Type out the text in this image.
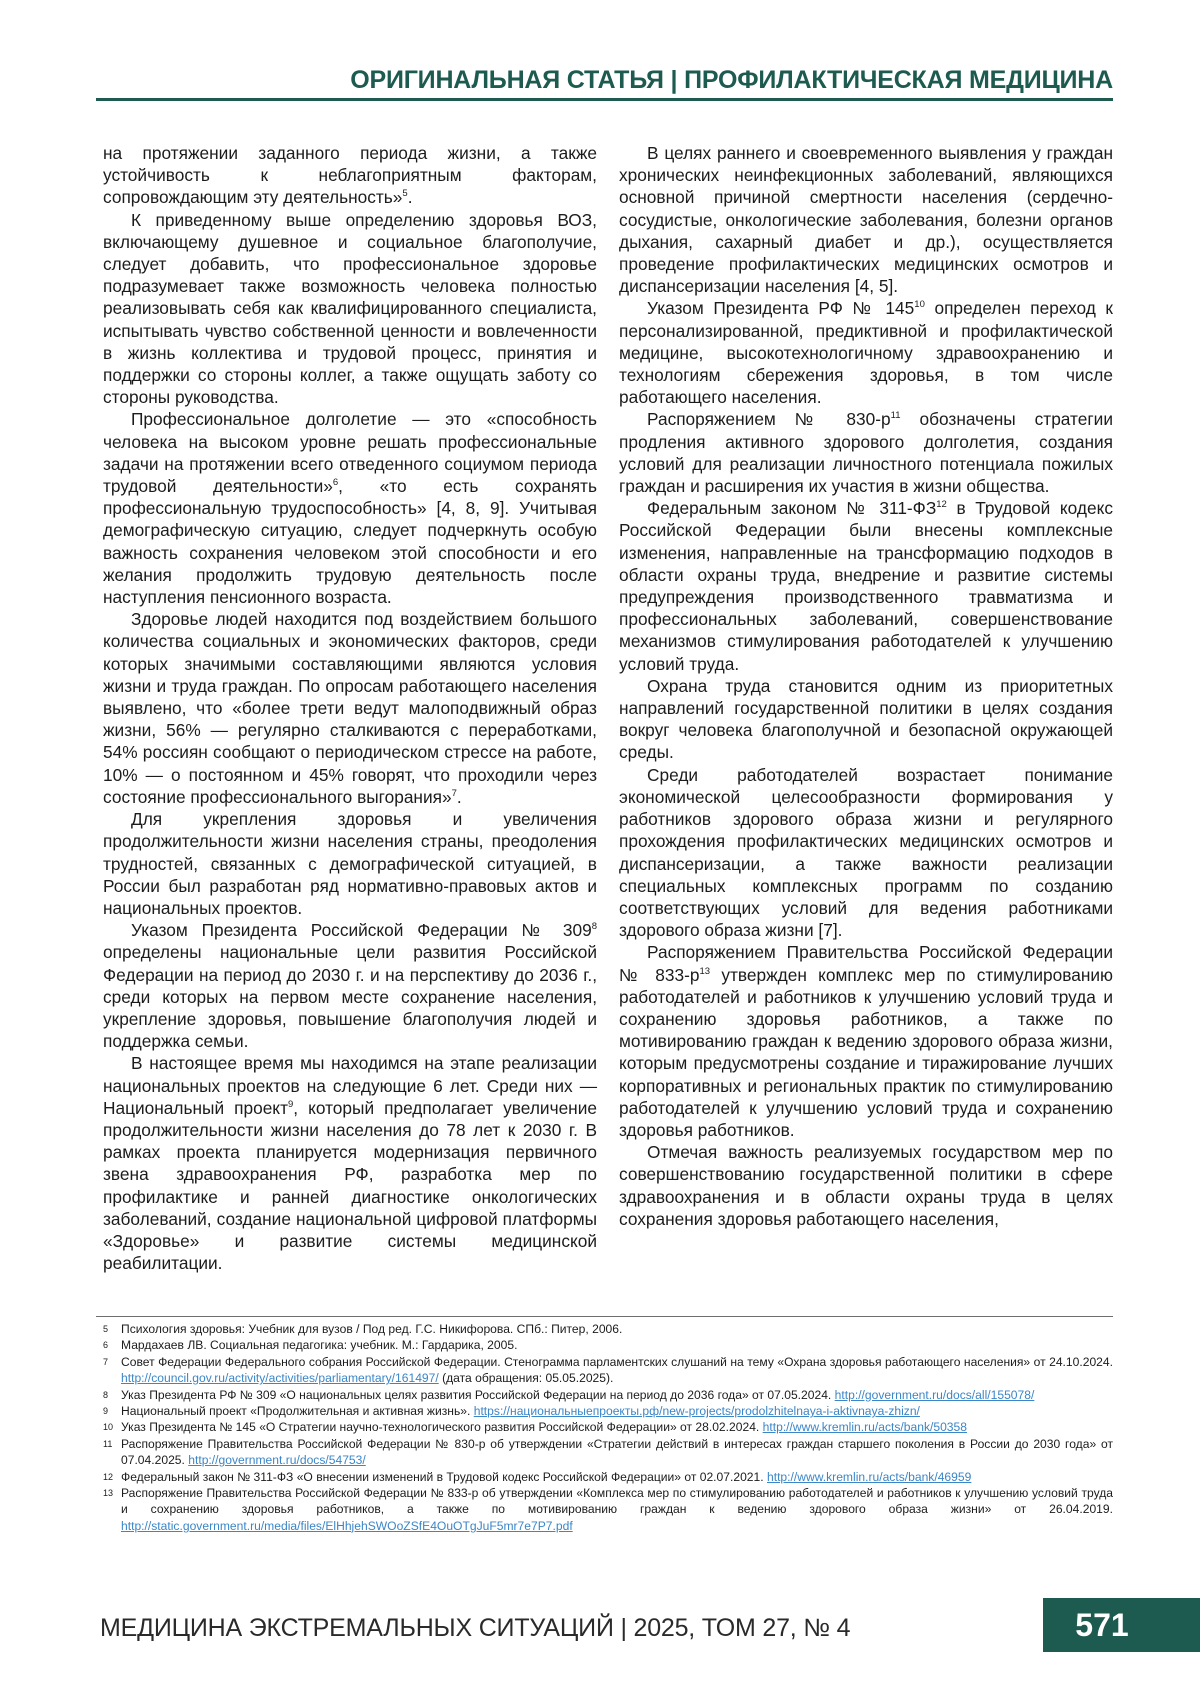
ОРИГИНАЛЬНАЯ СТАТЬЯ | ПРОФИЛАКТИЧЕСКАЯ МЕДИЦИНА

на протяжении заданного периода жизни, а также устойчивость к неблагоприятным факторам, сопровождающим эту деятельность»$^5$.

К приведенному выше определению здоровья ВОЗ, включающему душевное и социальное благополучие, следует добавить, что профессиональное здоровье подразумевает также возможность человека полностью реализовывать себя как квалифицированного специалиста, испытывать чувство собственной ценности и вовлеченности в жизнь коллектива и трудовой процесс, принятия и поддержки со стороны коллег, а также ощущать заботу со стороны руководства.

Профессиональное долголетие — это «способность человека на высоком уровне решать профессиональные задачи на протяжении всего отведенного социумом периода трудовой деятельности»$^6$, «то есть сохранять профессиональную трудоспособность» [4, 8, 9]. Учитывая демографическую ситуацию, следует подчеркнуть особую важность сохранения человеком этой способности и его желания продолжить трудовую деятельность после наступления пенсионного возраста.

Здоровье людей находится под воздействием большого количества социальных и экономических факторов, среди которых значимыми составляющими являются условия жизни и труда граждан. По опросам работающего населения выявлено, что «более трети ведут малоподвижный образ жизни, 56% — регулярно сталкиваются с переработками, 54% россиян сообщают о периодическом стрессе на работе, 10% — о постоянном и 45% говорят, что проходили через состояние профессионального выгорания»$^7$.

Для укрепления здоровья и увеличения продолжительности жизни населения страны, преодоления трудностей, связанных с демографической ситуацией, в России был разработан ряд нормативно-правовых актов и национальных проектов.

Указом Президента Российской Федерации № $309^8$ определены национальные цели развития Российской Федерации на период до 2030 г. и на перспективу до 2036 г., среди которых на первом месте сохранение населения, укрепление здоровья, повышение благополучия людей и поддержка семьи.

В настоящее время мы находимся на этапе реализации национальных проектов на следующие 6 лет. Среди них — Национальный проект$^9$, который предполагает увеличение продолжительности жизни населения до 78 лет к 2030 г. В рамках проекта планируется модернизация первичного звена здравоохранения РФ, разработка мер по профилактике и ранней диагностике онкологических заболеваний, создание национальной цифровой платформы «Здоровье» и развитие системы медицинской реабилитации.

В целях раннего и своевременного выявления у граждан хронических неинфекционных заболеваний, являющихся основной причиной смертности населения (сердечно-сосудистые, онкологические заболевания, болезни органов дыхания, сахарный диабет и др.), осуществляется проведение профилактических медицинских осмотров и диспансеризации населения [4, 5].

Указом Президента РФ № $145^{10}$ определен переход к персонализированной, предиктивной и профилактической медицине, высокотехнологичному здравоохранению и технологиям сбережения здоровья, в том числе работающего населения.

Распоряжением № $830-р^{11}$ обозначены стратегии продления активного здорового долголетия, создания условий для реализации личностного потенциала пожилых граждан и расширения их участия в жизни общества.

Федеральным законом № 311-ФЗ$^{12}$ в Трудовой кодекс Российской Федерации были внесены комплексные изменения, направленные на трансформацию подходов в области охраны труда, внедрение и развитие системы предупреждения производственного травматизма и профессиональных заболеваний, совершенствование механизмов стимулирования работодателей к улучшению условий труда.

Охрана труда становится одним из приоритетных направлений государственной политики в целях создания вокруг человека благополучной и безопасной окружающей среды.

Среди работодателей возрастает понимание экономической целесообразности формирования у работников здорового образа жизни и регулярного прохождения профилактических медицинских осмотров и диспансеризации, а также важности реализации специальных комплексных программ по созданию соответствующих условий для ведения работниками здорового образа жизни [7].

Распоряжением Правительства Российской Федерации № $833-р^{13}$ утвержден комплекс мер по стимулированию работодателей и работников к улучшению условий труда и сохранению здоровья работников, а также по мотивированию граждан к ведению здорового образа жизни, которым предусмотрены создание и тиражирование лучших корпоративных и региональных практик по стимулированию работодателей к улучшению условий труда и сохранению здоровья работников.

Отмечая важность реализуемых государством мер по совершенствованию государственной политики в сфере здравоохранения и в области охраны труда в целях сохранения здоровья работающего населения,

5	Психология здоровья: Учебник для вузов / Под ред. Г.С. Никифорова. СПб.: Питер, 2006.
6	Мардахаев ЛВ. Социальная педагогика: учебник. М.: Гардарика, 2005.
7	Совет Федерации Федерального собрания Российской Федерации. Стенограмма парламентских слушаний на тему «Охрана здоровья работающего населения» от 24.10.2024. http://council.gov.ru/activity/activities/parliamentary/161497/ (дата обращения: 05.05.2025).
8	Указ Президента РФ № 309 «О национальных целях развития Российской Федерации на период до 2036 года» от 07.05.2024. http://government.ru/docs/all/155078/
9	Национальный проект «Продолжительная и активная жизнь». https://национальныепроекты.рф/new-projects/prodolzhitelnaya-i-aktivnaya-zhizn/
10 Указ Президента № 145 «О Стратегии научно-технологического развития Российской Федерации» от 28.02.2024. http://www.kremlin.ru/acts/bank/50358
11 Распоряжение Правительства Российской Федерации № 830-р об утверждении «Стратегии действий в интересах граждан старшего поколения в России до 2030 года» от 07.04.2025. http://government.ru/docs/54753/
12 Федеральный закон № 311-ФЗ «О внесении изменений в Трудовой кодекс Российской Федерации» от 02.07.2021. http://www.kremlin.ru/acts/bank/46959
13 Распоряжение Правительства Российской Федерации № 833-р об утверждении «Комплекса мер по стимулированию работодателей и работников к улучшению условий труда и сохранению здоровья работников, а также по мотивированию граждан к ведению здорового образа жизни» от 26.04.2019. http://static.government.ru/media/files/ElHhjehSWOoZSfE4OuOTgJuF5mr7e7P7.pdf
МЕДИЦИНА ЭКСТРЕМАЛЬНЫХ СИТУАЦИЙ | 2025, ТОМ 27, № 4	571
